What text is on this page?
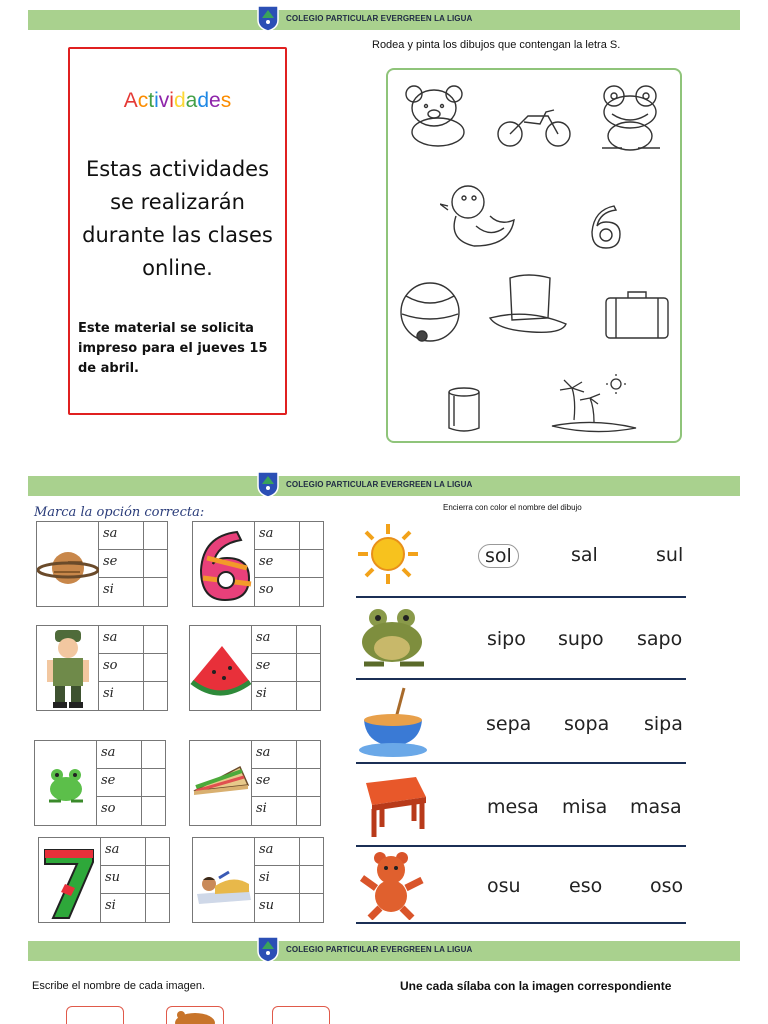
COLEGIO PARTICULAR EVERGREEN LA LIGUA
Actividades
Estas actividades se realizarán durante las clases online.
Este material se solicita impreso para el jueves 15 de abril.
Rodea y pinta los dibujos que contengan la letra S.
COLEGIO PARTICULAR EVERGREEN LA LIGUA
Marca la opción correcta:	Encierra con color el nombre del dibujo
sa
se
si
sa
se
so
sa
so
si
sa
se
si
sa
se
so
sa
se
si
sa
su
si
sa
si
su
sol	sal	sul
sipo supo sapo
sepa sopa sipa
mesa misa masa
osu	eso	oso
COLEGIO PARTICULAR EVERGREEN LA LIGUA
Escribe el nombre de cada imagen.	Une cada sílaba con la imagen correspondiente
